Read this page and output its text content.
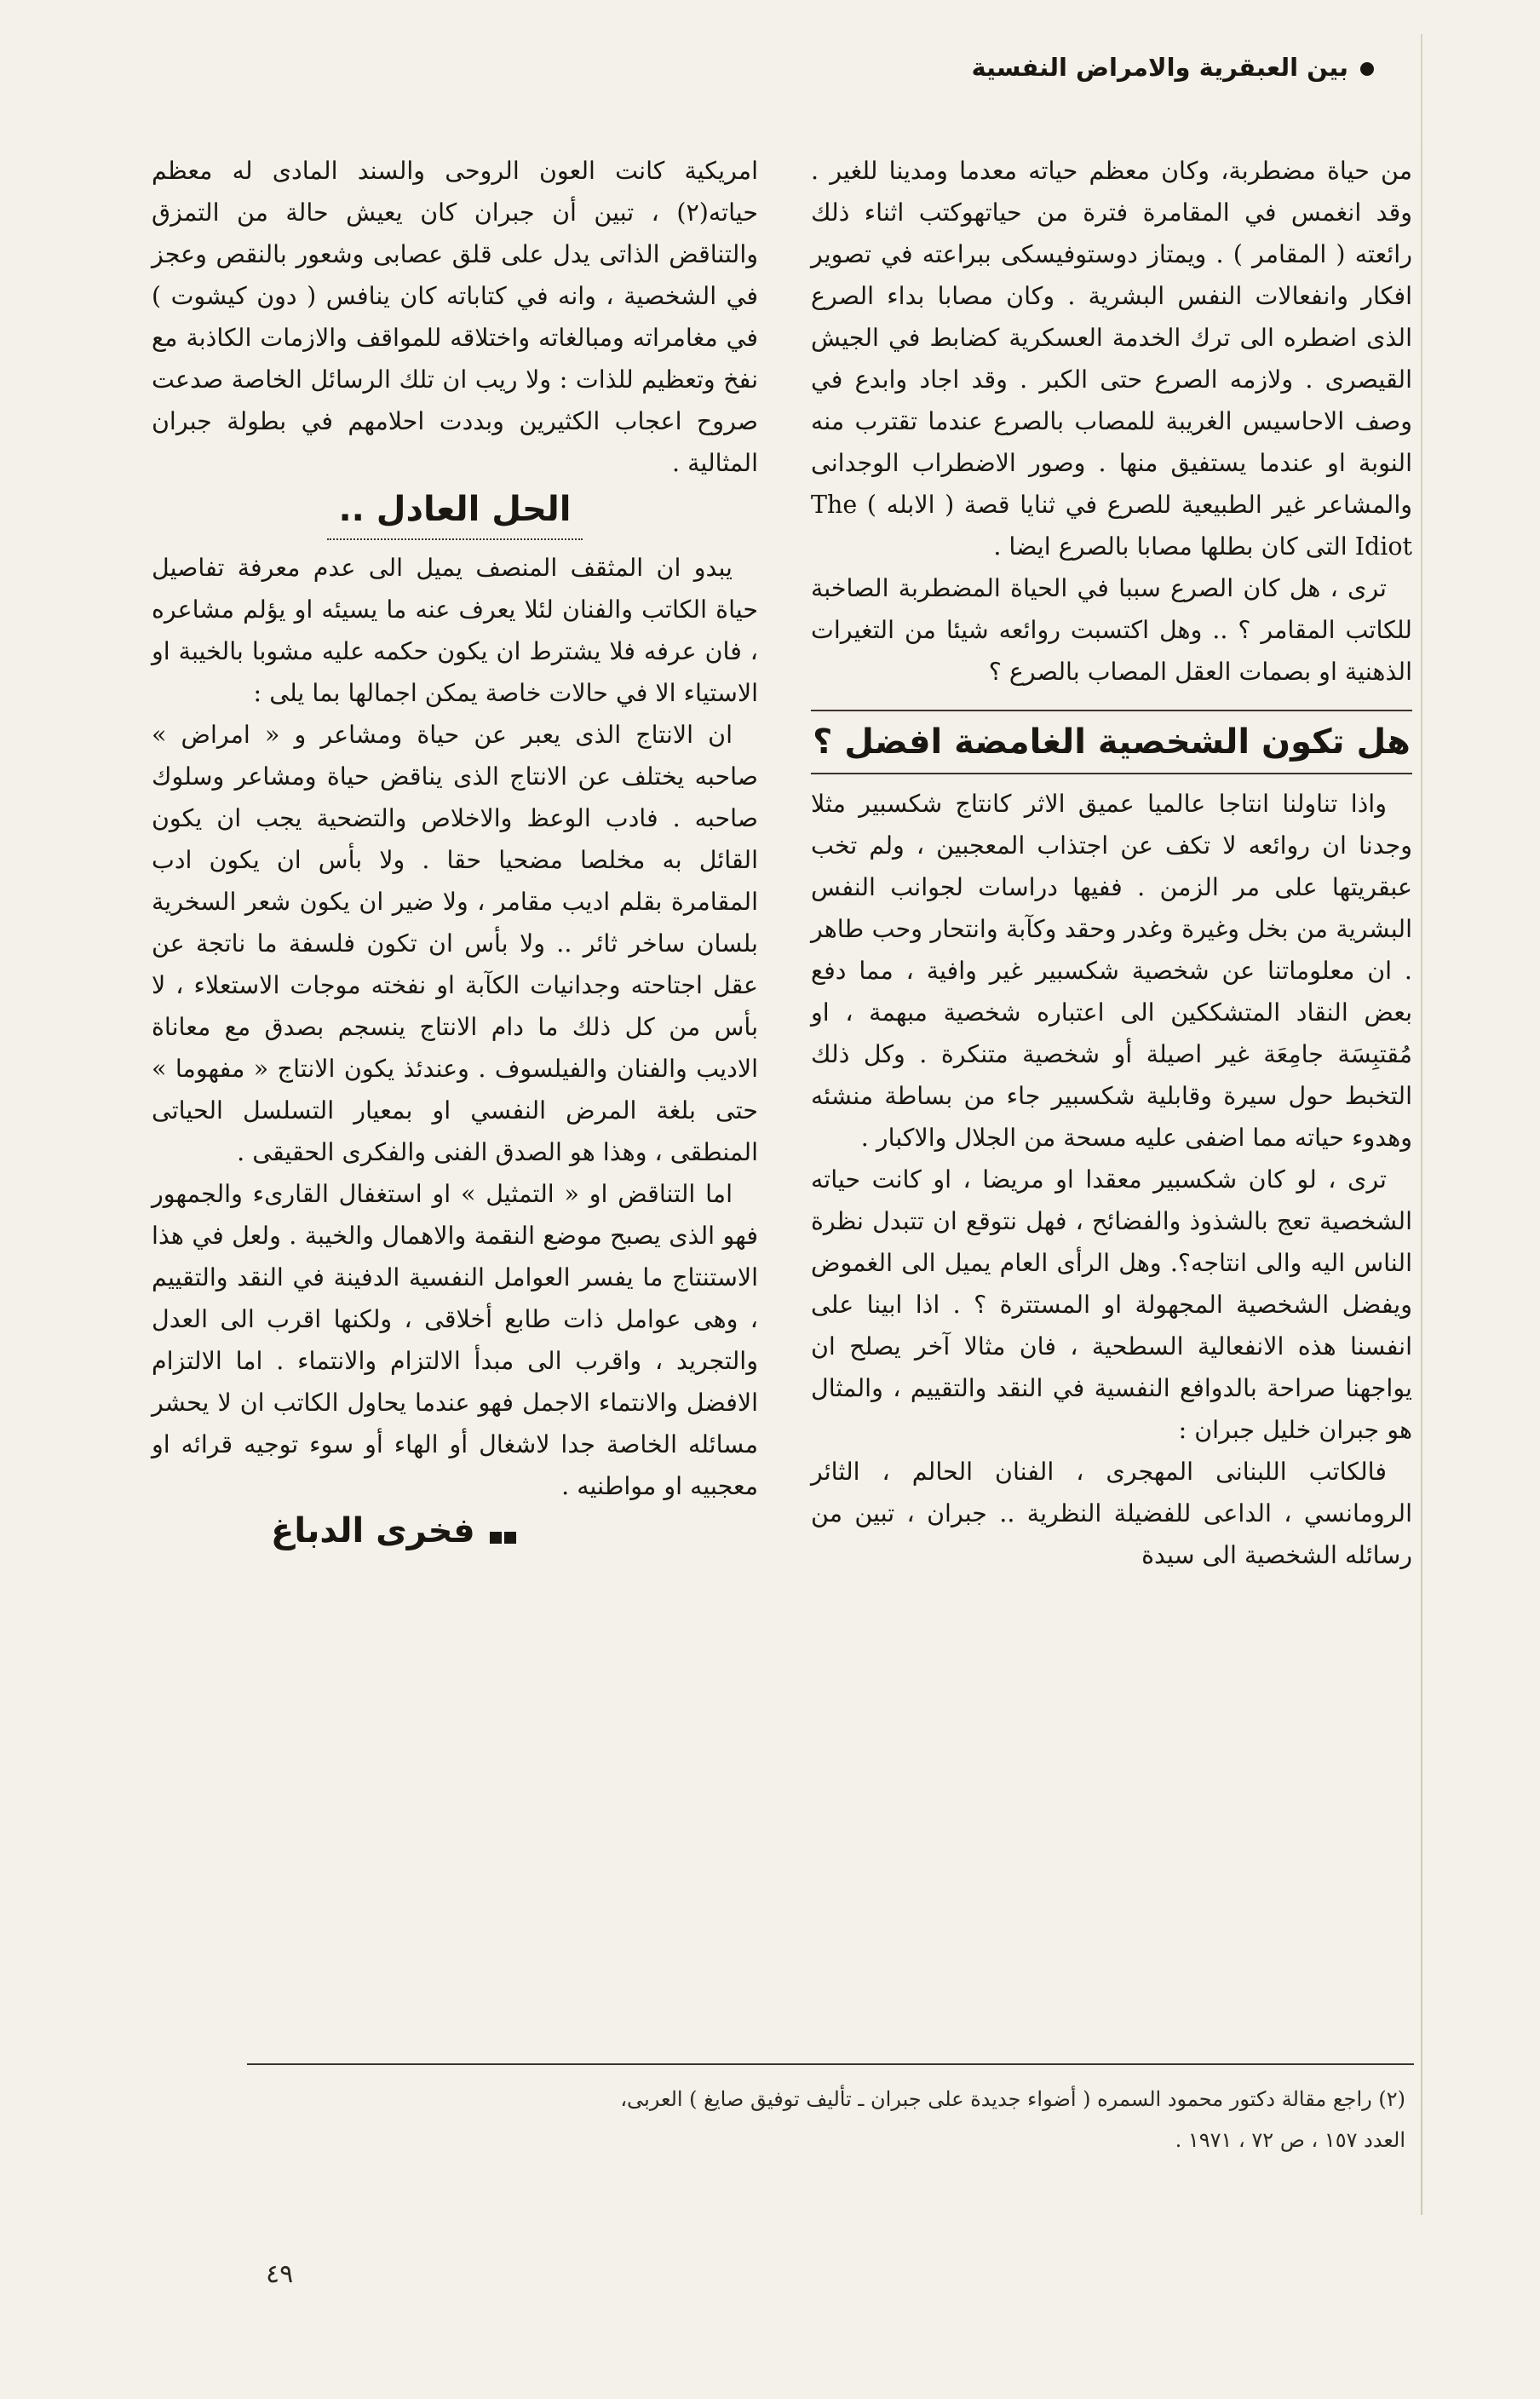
بين العبقرية والامراض النفسية

من حياة مضطربة، وكان معظم حياته معدما ومدينا للغير . وقد انغمس في المقامرة فترة من حياتهوكتب اثناء ذلك رائعته ( المقامر ) . ويمتاز دوستوفيسكى ببراعته في تصوير افكار وانفعالات النفس البشرية . وكان مصابا بداء الصرع الذى اضطره الى ترك الخدمة العسكرية كضابط في الجيش القيصرى . ولازمه الصرع حتى الكبر . وقد اجاد وابدع في وصف الاحاسيس الغريبة للمصاب بالصرع عندما تقترب منه النوبة او عندما يستفيق منها . وصور الاضطراب الوجدانى والمشاعر غير الطبيعية للصرع في ثنايا قصة ( الابله ) The Idiot التى كان بطلها مصابا بالصرع ايضا .

ترى ، هل كان الصرع سببا في الحياة المضطربة الصاخبة للكاتب المقامر ؟ .. وهل اكتسبت روائعه شيئا من التغيرات الذهنية او بصمات العقل المصاب بالصرع ؟

هل تكون الشخصية الغامضة افضل ؟

واذا تناولنا انتاجا عالميا عميق الاثر كانتاج شكسبير مثلا وجدنا ان روائعه لا تكف عن اجتذاب المعجبين ، ولم تخب عبقريتها على مر الزمن . ففيها دراسات لجوانب النفس البشرية من بخل وغيرة وغدر وحقد وكآبة وانتحار وحب طاهر . ان معلوماتنا عن شخصية شكسبير غير وافية ، مما دفع بعض النقاد المتشككين الى اعتباره شخصية مبهمة ، او مُقتبِسَة جامِعَة غير اصيلة أو شخصية متنكرة . وكل ذلك التخبط حول سيرة وقابلية شكسبير جاء من بساطة منشئه وهدوء حياته مما اضفى عليه مسحة من الجلال والاكبار .

ترى ، لو كان شكسبير معقدا او مريضا ، او كانت حياته الشخصية تعج بالشذوذ والفضائح ، فهل نتوقع ان تتبدل نظرة الناس اليه والى انتاجه؟. وهل الرأى العام يميل الى الغموض ويفضل الشخصية المجهولة او المستترة ؟ . اذا ابينا على انفسنا هذه الانفعالية السطحية ، فان مثالا آخر يصلح ان يواجهنا صراحة بالدوافع النفسية في النقد والتقييم ، والمثال هو جبران خليل جبران :

فالكاتب اللبنانى المهجرى ، الفنان الحالم ، الثائر الرومانسي ، الداعى للفضيلة النظرية .. جبران ، تبين من رسائله الشخصية الى سيدة

امريكية كانت العون الروحى والسند المادى له معظم حياته(٢) ، تبين أن جبران كان يعيش حالة من التمزق والتناقض الذاتى يدل على قلق عصابى وشعور بالنقص وعجز في الشخصية ، وانه في كتاباته كان ينافس ( دون كيشوت ) في مغامراته ومبالغاته واختلاقه للمواقف والازمات الكاذبة مع نفخ وتعظيم للذات : ولا ريب ان تلك الرسائل الخاصة صدعت صروح اعجاب الكثيرين وبددت احلامهم في بطولة جبران المثالية .

الحل العادل ..

يبدو ان المثقف المنصف يميل الى عدم معرفة تفاصيل حياة الكاتب والفنان لئلا يعرف عنه ما يسيئه او يؤلم مشاعره ، فان عرفه فلا يشترط ان يكون حكمه عليه مشوبا بالخيبة او الاستياء الا في حالات خاصة يمكن اجمالها بما يلى :

ان الانتاج الذى يعبر عن حياة ومشاعر و « امراض » صاحبه يختلف عن الانتاج الذى يناقض حياة ومشاعر وسلوك صاحبه . فادب الوعظ والاخلاص والتضحية يجب ان يكون القائل به مخلصا مضحيا حقا . ولا بأس ان يكون ادب المقامرة بقلم اديب مقامر ، ولا ضير ان يكون شعر السخرية بلسان ساخر ثائر .. ولا بأس ان تكون فلسفة ما ناتجة عن عقل اجتاحته وجدانيات الكآبة او نفخته موجات الاستعلاء ، لا بأس من كل ذلك ما دام الانتاج ينسجم بصدق مع معاناة الاديب والفنان والفيلسوف . وعندئذ يكون الانتاج « مفهوما » حتى بلغة المرض النفسي او بمعيار التسلسل الحياتى المنطقى ، وهذا هو الصدق الفنى والفكرى الحقيقى .

اما التناقض او « التمثيل » او استغفال القارىء والجمهور فهو الذى يصبح موضع النقمة والاهمال والخيبة . ولعل في هذا الاستنتاج ما يفسر العوامل النفسية الدفينة في النقد والتقييم ، وهى عوامل ذات طابع أخلاقى ، ولكنها اقرب الى العدل والتجريد ، واقرب الى مبدأ الالتزام والانتماء . اما الالتزام الافضل والانتماء الاجمل فهو عندما يحاول الكاتب ان لا يحشر مسائله الخاصة جدا لاشغال أو الهاء أو سوء توجيه قرائه او معجبيه او مواطنيه .

فخرى الدباغ
(٢) راجع مقالة دكتور محمود السمره ( أضواء جديدة على جبران ـ تأليف توفيق صايغ ) العربى،
العدد ١٥٧ ، ص ٧٢ ، ١٩٧١ .
٤٩
